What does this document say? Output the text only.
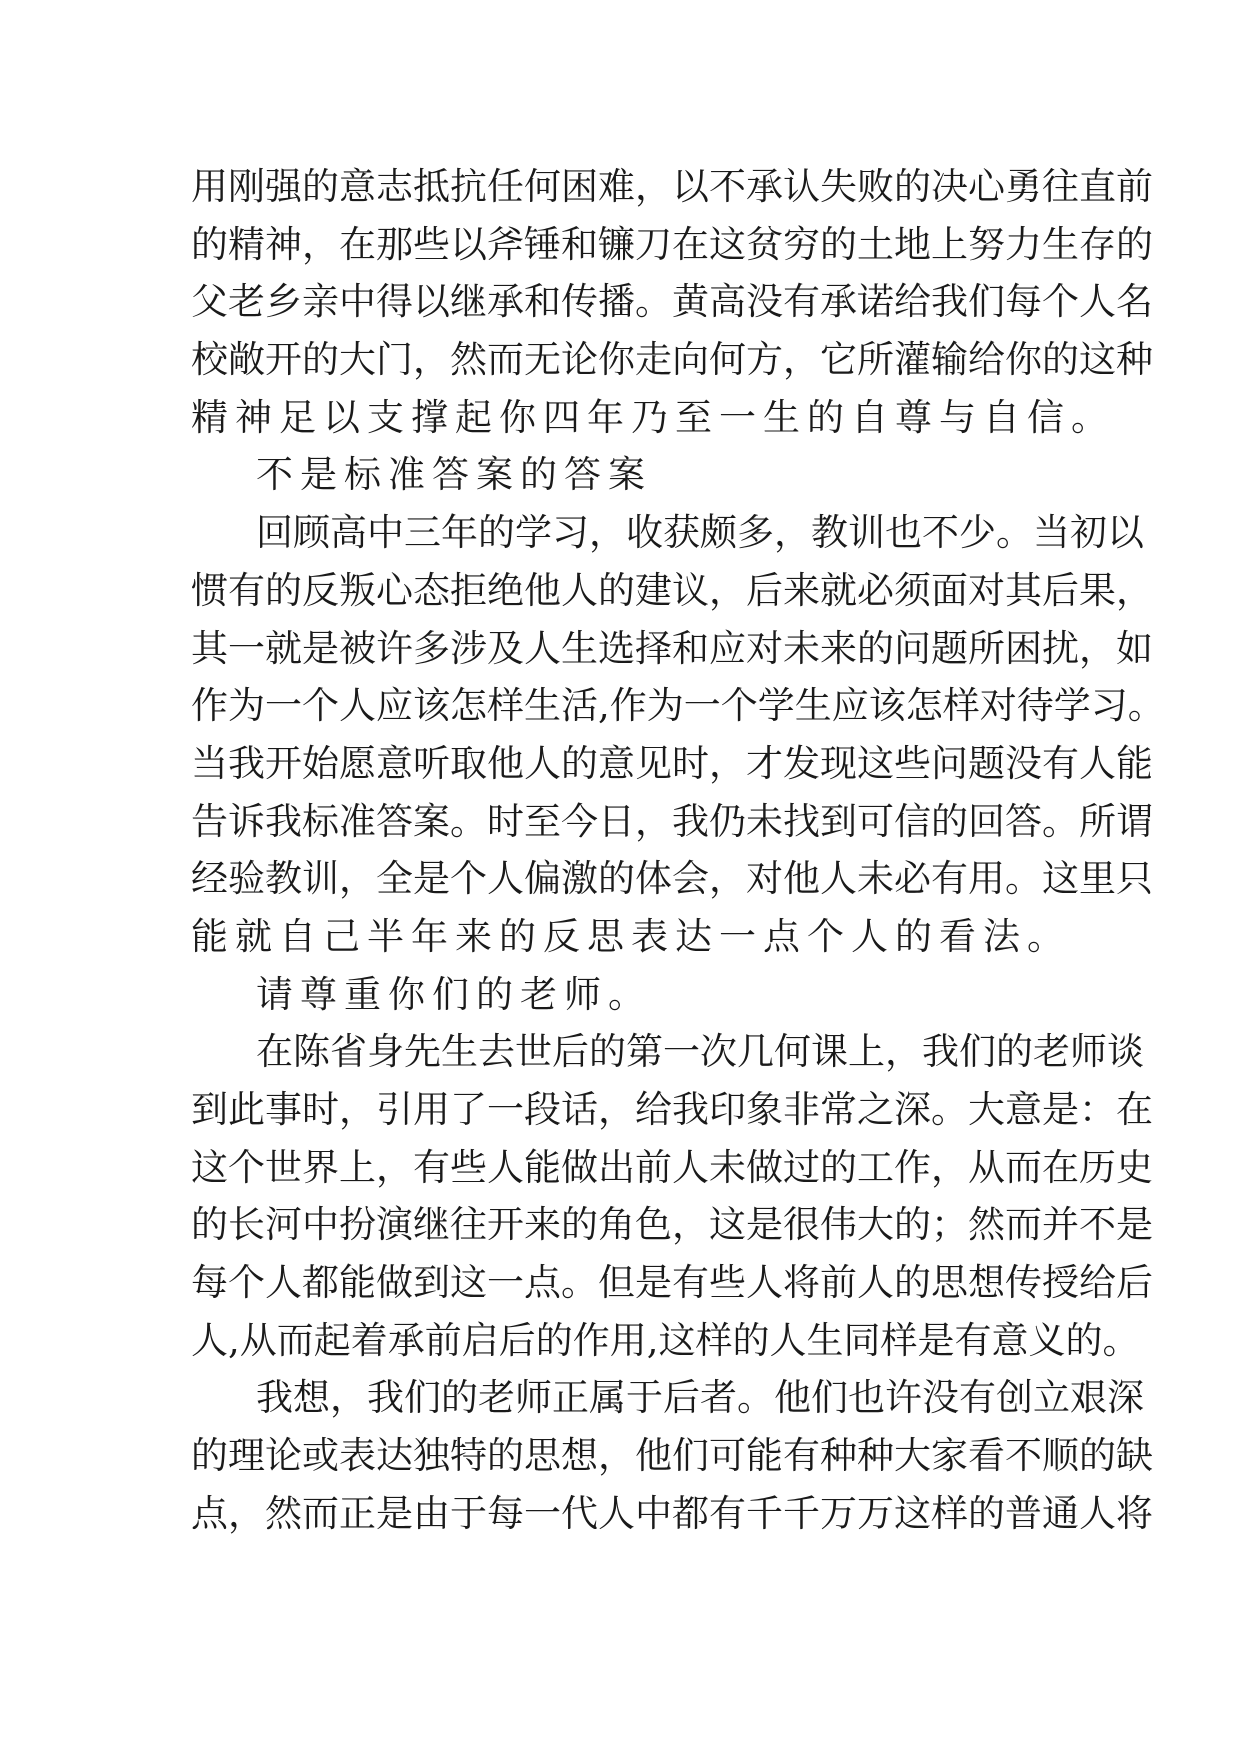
用 刚 强 的 意 志 抵 抗 任 何 困 难 ， 以 不 承 认 失 败 的 决 心 勇 往 直 前
的 精 神 ， 在 那 些 以 斧 锤 和 镰 刀 在 这 贫 穷 的 土 地 上 努 力 生 存 的
父 老 乡 亲 中 得 以 继 承 和 传 播 。 黄 高 没 有 承 诺 给 我 们 每 个 人 名
校 敞 开 的 大 门 ， 然 而 无 论 你 走 向 何 方 ， 它 所 灌 输 给 你 的 这 种
精神足以支撑起你四年乃至一生的自尊与自信。
不是标准答案的答案
回 顾 高 中 三 年 的 学 习 ， 收 获 颇 多 ， 教 训 也 不 少 。 当 初 以
惯 有 的 反 叛 心 态 拒 绝 他 人 的 建 议 ， 后 来 就 必 须 面 对 其 后 果 ，
其 一 就 是 被 许 多 涉 及 人 生 选 择 和 应 对 未 来 的 问 题 所 困 扰 ， 如
作 为 一 个 人 应 该 怎 样 生 活 , 作 为 一 个 学 生 应 该 怎 样 对 待 学 习 。
当 我 开 始 愿 意 听 取 他 人 的 意 见 时 ， 才 发 现 这 些 问 题 没 有 人 能
告 诉 我 标 准 答 案 。 时 至 今 日 ， 我 仍 未 找 到 可 信 的 回 答 。 所 谓
经 验 教 训 ， 全 是 个 人 偏 激 的 体 会 ， 对 他 人 未 必 有 用 。 这 里 只
能就自己半年来的反思表达一点个人的看法。
请尊重你们的老师。
在 陈 省 身 先 生 去 世 后 的 第 一 次 几 何 课 上 ， 我 们 的 老 师 谈
到 此 事 时 ， 引 用 了 一 段 话 ， 给 我 印 象 非 常 之 深 。 大 意 是 ： 在
这 个 世 界 上 ， 有 些 人 能 做 出 前 人 未 做 过 的 工 作 ， 从 而 在 历 史
的 长 河 中 扮 演 继 往 开 来 的 角 色 ， 这 是 很 伟 大 的 ； 然 而 并 不 是
每 个 人 都 能 做 到 这 一 点 。 但 是 有 些 人 将 前 人 的 思 想 传 授 给 后
人 , 从 而 起 着 承 前 启 后 的 作 用 , 这 样 的 人 生 同 样 是 有 意 义 的 。
我 想 ， 我 们 的 老 师 正 属 于 后 者 。 他 们 也 许 没 有 创 立 艰 深
的 理 论 或 表 达 独 特 的 思 想 ， 他 们 可 能 有 种 种 大 家 看 不 顺 的 缺
点 ， 然 而 正 是 由 于 每 一 代 人 中 都 有 千 千 万 万 这 样 的 普 通 人 将
